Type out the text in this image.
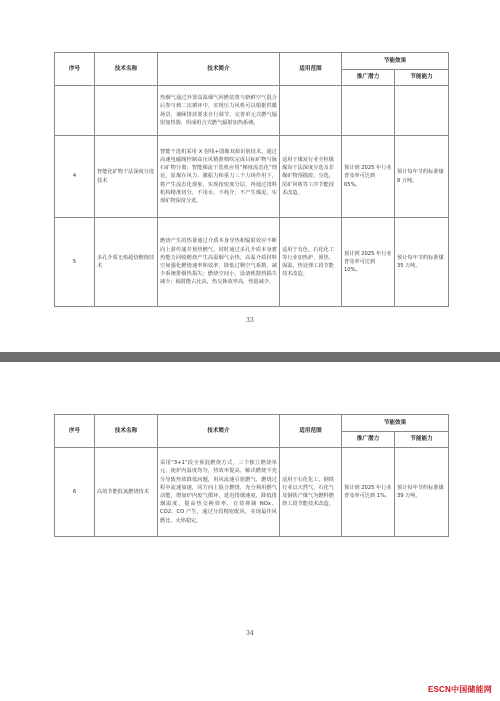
序号	技术名称	技术简介	适用范围	节能效果	
				推广潜力	节能能力
		热烟气通过外置高温烟气回燃装置与新鲜空气混合后参与到二次循环中，实现压力风机可以根据供暖场景，兼顾排放要求自行调节，完善单元式燃气辐射加热器，组成组合式燃气辐射加热系统。			
4	智能化矿物干法深度分选技术	智能干选机采用 X 射线+图像双源识别技术，通过高速电磁阀控制高压风精准喷吹完成目标矿物与脉石矿物分离；智能梯流干选机应用“梯度流态化”理论，原煤在风力、激振力和重力三个力场作用下，将产生流态化现象，实现按密度分层，再通过排料机构精准切分，不用水、不耗介、不产生煤泥，实现矿物深度分选。	适用于煤炭行业全粒级煤炭干法深度分选及非煤矿物预抛废、分选，尾矿回收等工序节能技术改造。	预计到 2025 年行业普及率可达到 65%。	预计每年节约标准煤 8 万吨。
5	多孔介质无焰超焓燃烧技术	燃烧产生的热量通过介质本身导热和辐射效应不断向上游传递并预热燃气，同时通过多孔介质本身蓄热能力回收燃烧产生高温烟气余热，高温介质材料空间强化燃烧速率和效率，降低过剩空气系数，减少系统排烟热损失；燃烧空间小，设备耗散热损失减少；辐射能占比高，热交换效率高，热量减少。	适用于有色、石化化工等行业加热炉、预热、保温、热处理工段节能技术改造。	预计到 2025 年行业普及率可达到 10%。	预计每年节约标准煤 35 万吨。
33
序号	技术名称	技术简介	适用范围	节能效果	
				推广潜力	节能能力
6	高效节能低氮燃烧技术	采用“3+1”段全预混燃烧方式，三个独立燃烧单元，使炉内温度均匀，热效率提高，解决燃烧不充分导致热效降低问题，用风流速引射燃气，燃烧过程中流速加速，同方向上混合燃烧，充分利用燃气动能，增加炉内废气循环，延迟排烟速度，降低排烟温度，提高热交换效率，有效抑制 NOx、CO2、CO 产生，通过分段精密配风，实现最佳风燃比、火焰稳定。	适用于石化化工、钢铁行业以天然气、石化气及钢铁产煤气为燃料燃烧工段节能技术改造。	预计到 2025 年行业普及率可达到 1%。	预计每年节约标准煤 39 万吨。
34
ESCN中国储能网
